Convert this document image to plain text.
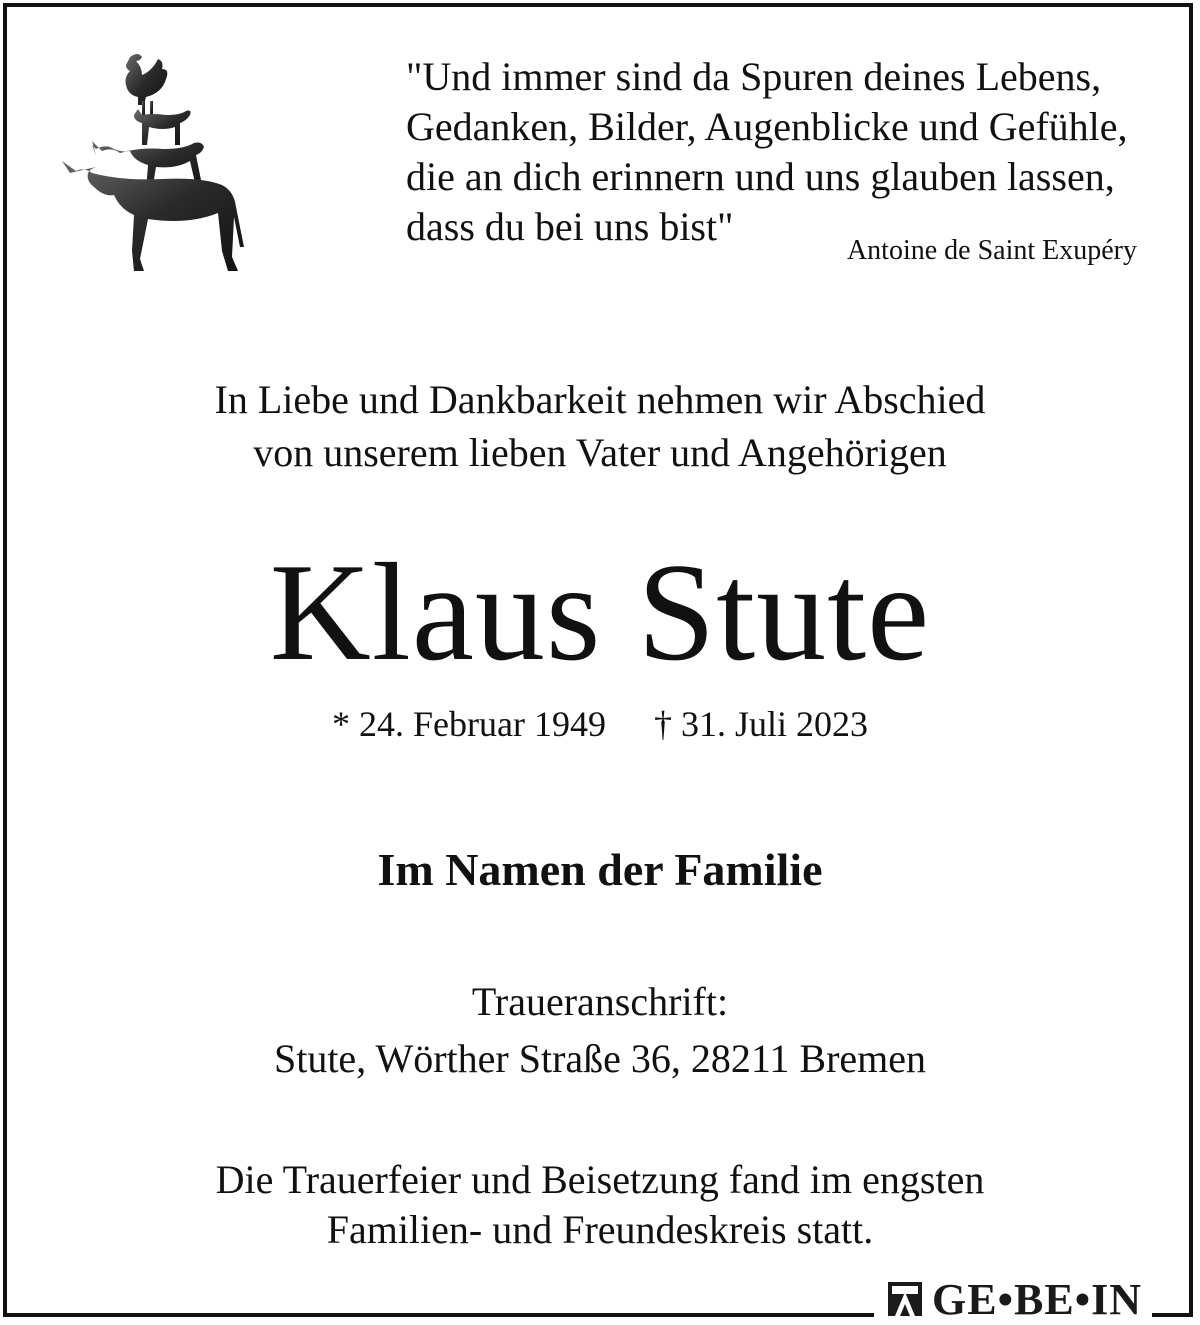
"Und immer sind da Spuren deines Lebens,
Gedanken, Bilder, Augenblicke und Gefühle,
die an dich erinnern und uns glauben lassen,
dass du bei uns bist"
Antoine de Saint Exupéry
In Liebe und Dankbarkeit nehmen wir Abschied
von unserem lieben Vater und Angehörigen
Klaus Stute
* 24. Februar 1949 † 31. Juli 2023
Im Namen der Familie
Traueranschrift:
Stute, Wörther Straße 36, 28211 Bremen
Die Trauerfeier und Beisetzung fand im engsten
Familien- und Freundeskreis statt.
GE•BE•IN
